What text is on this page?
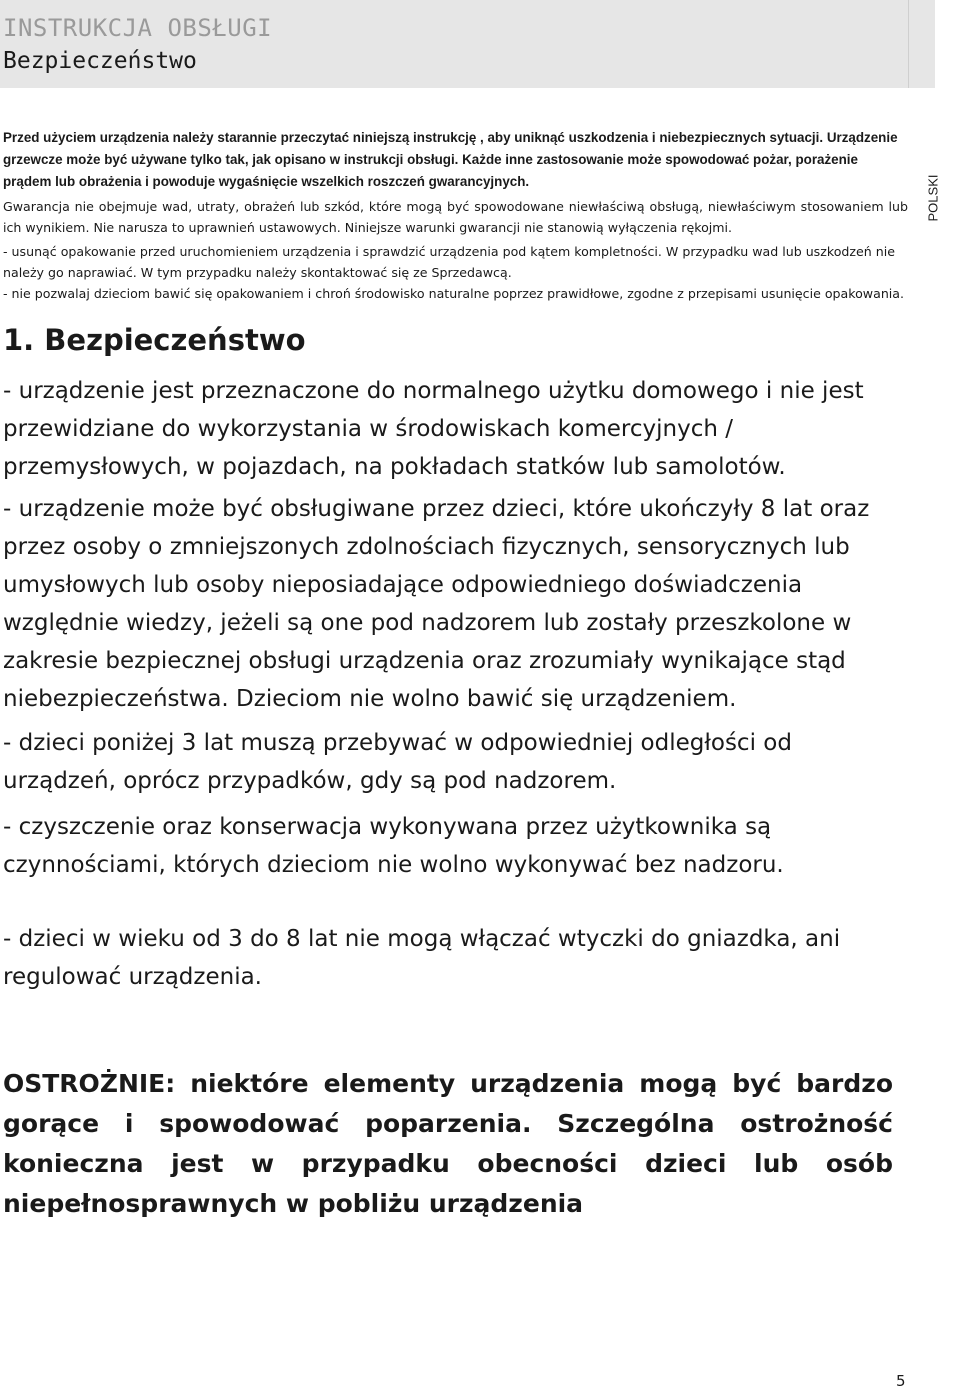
INSTRUKCJA OBSŁUGI
Bezpieczeństwo
POLSKI

Przed użyciem urządzenia należy starannie przeczytać niniejszą instrukcję , aby uniknąć uszkodzenia i niebezpiecznych sytuacji. Urządzenie grzewcze może być używane tylko tak, jak opisano w instrukcji obsługi. Każde inne zastosowanie może spowodować pożar, porażenie prądem lub obrażenia i powoduje wygaśnięcie wszelkich roszczeń gwarancyjnych.

Gwarancja nie obejmuje wad, utraty, obrażeń lub szkód, które mogą być spowodowane niewłaściwą obsługą, niewłaściwym stosowaniem lub ich wynikiem. Nie narusza to uprawnień ustawowych. Niniejsze warunki gwarancji nie stanowią wyłączenia rękojmi.

- usunąć opakowanie przed uruchomieniem urządzenia i sprawdzić urządzenia pod kątem kompletności. W przypadku wad lub uszkodzeń nie należy go naprawiać. W tym przypadku należy skontaktować się ze Sprzedawcą.

- nie pozwalaj dzieciom bawić się opakowaniem i chroń środowisko naturalne poprzez prawidłowe, zgodne z przepisami usunięcie opakowania.

1. Bezpieczeństwo

- urządzenie jest przeznaczone do normalnego użytku domowego i nie jest przewidziane do wykorzystania w środowiskach komercyjnych / przemysłowych, w pojazdach, na pokładach statków lub samolotów.

- urządzenie może być obsługiwane przez dzieci, które ukończyły 8 lat oraz przez osoby o zmniejszonych zdolnościach fizycznych, sensorycznych lub umysłowych lub osoby nieposiadające odpowiedniego doświadczenia względnie wiedzy, jeżeli są one pod nadzorem lub zostały przeszkolone w zakresie bezpiecznej obsługi urządzenia oraz zrozumiały wynikające stąd niebezpieczeństwa. Dzieciom nie wolno bawić się urządzeniem.

- dzieci poniżej 3 lat muszą przebywać w odpowiedniej odległości od urządzeń, oprócz przypadków, gdy są pod nadzorem.

- czyszczenie oraz konserwacja wykonywana przez użytkownika są czynnościami, których dzieciom nie wolno wykonywać bez nadzoru.

- dzieci w wieku od 3 do 8 lat nie mogą włączać wtyczki do gniazdka, ani regulować urządzenia.

OSTROŻNIE: niektóre elementy urządzenia mogą być bardzo gorące i spowodować poparzenia. Szczególna ostrożność konieczna jest w przypadku obecności dzieci lub osób niepełnosprawnych w pobliżu urządzenia

5
